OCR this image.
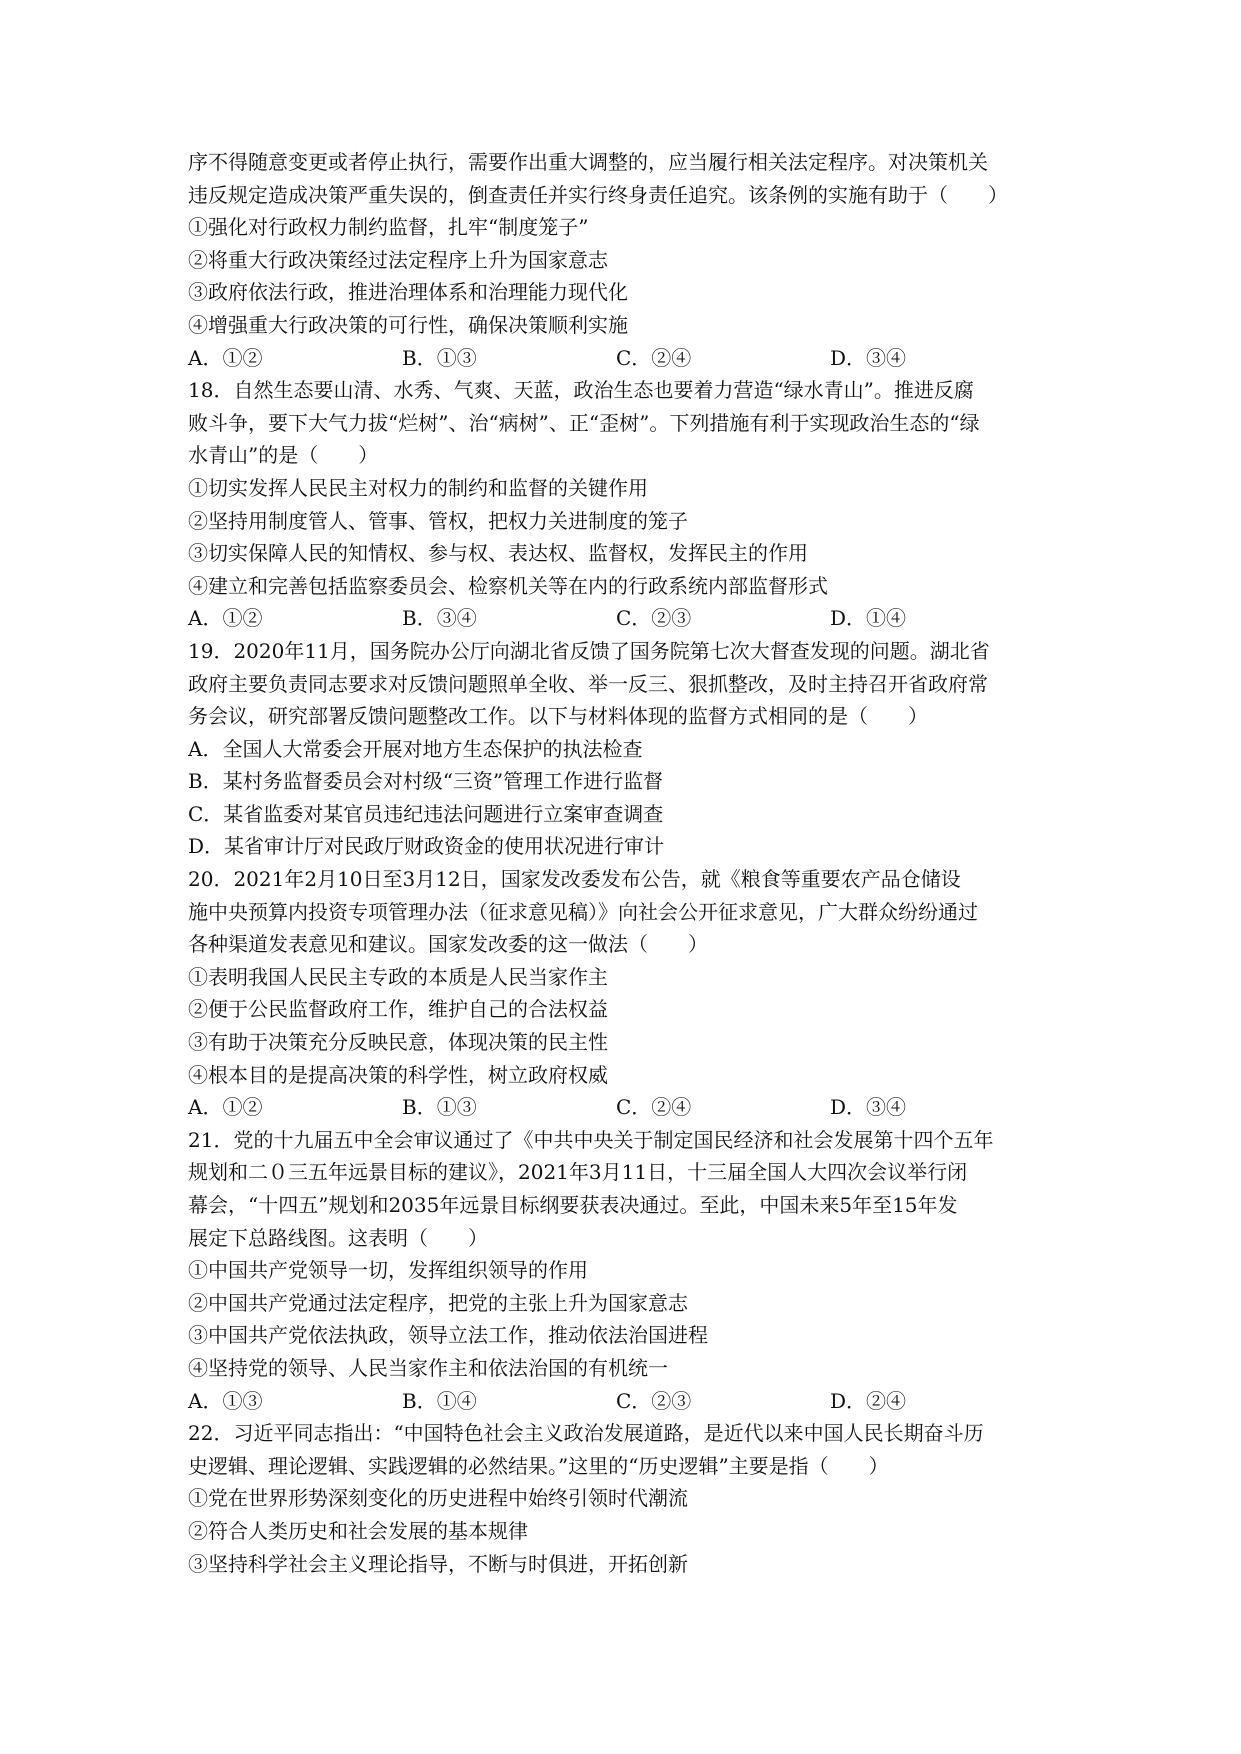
序不得随意变更或者停止执行，需要作出重大调整的，应当履行相关法定程序。对决策机关
违反规定造成决策严重失误的，倒查责任并实行终身责任追究。该条例的实施有助于（　　）
①强化对行政权力制约监督，扎牢“制度笼子”
②将重大行政决策经过法定程序上升为国家意志
③政府依法行政，推进治理体系和治理能力现代化
④增强重大行政决策的可行性，确保决策顺利实施
A．①②	B．①③	C．②④	D．③④
18．自然生态要山清、水秀、气爽、天蓝，政治生态也要着力营造“绿水青山”。推进反腐
败斗争，要下大气力拔“烂树”、治“病树”、正“歪树”。下列措施有利于实现政治生态的“绿
水青山”的是（　　）
①切实发挥人民民主对权力的制约和监督的关键作用
②坚持用制度管人、管事、管权，把权力关进制度的笼子
③切实保障人民的知情权、参与权、表达权、监督权，发挥民主的作用
④建立和完善包括监察委员会、检察机关等在内的行政系统内部监督形式
A．①②	B．③④	C．②③	D．①④
19．2020年11月，国务院办公厅向湖北省反馈了国务院第七次大督查发现的问题。湖北省
政府主要负责同志要求对反馈问题照单全收、举一反三、狠抓整改，及时主持召开省政府常
务会议，研究部署反馈问题整改工作。以下与材料体现的监督方式相同的是（　　）
A．全国人大常委会开展对地方生态保护的执法检查
B．某村务监督委员会对村级“三资”管理工作进行监督
C．某省监委对某官员违纪违法问题进行立案审查调查
D．某省审计厅对民政厅财政资金的使用状况进行审计
20．2021年2月10日至3月12日，国家发改委发布公告，就《粮食等重要农产品仓储设
施中央预算内投资专项管理办法（征求意见稿）》向社会公开征求意见，广大群众纷纷通过
各种渠道发表意见和建议。国家发改委的这一做法（　　）
①表明我国人民民主专政的本质是人民当家作主
②便于公民监督政府工作，维护自己的合法权益
③有助于决策充分反映民意，体现决策的民主性
④根本目的是提高决策的科学性，树立政府权威
A．①②	B．①③	C．②④	D．③④
21．党的十九届五中全会审议通过了《中共中央关于制定国民经济和社会发展第十四个五年
规划和二０三五年远景目标的建议》，2021年3月11日，十三届全国人大四次会议举行闭
幕会，“十四五”规划和2035年远景目标纲要获表决通过。至此，中国未来5年至15年发
展定下总路线图。这表明（　　）
①中国共产党领导一切，发挥组织领导的作用
②中国共产党通过法定程序，把党的主张上升为国家意志
③中国共产党依法执政，领导立法工作，推动依法治国进程
④坚持党的领导、人民当家作主和依法治国的有机统一
A．①③	B．①④	C．②③	D．②④
22．习近平同志指出：“中国特色社会主义政治发展道路，是近代以来中国人民长期奋斗历
史逻辑、理论逻辑、实践逻辑的必然结果。”这里的“历史逻辑”主要是指（　　）
①党在世界形势深刻变化的历史进程中始终引领时代潮流
②符合人类历史和社会发展的基本规律
③坚持科学社会主义理论指导，不断与时俱进，开拓创新
